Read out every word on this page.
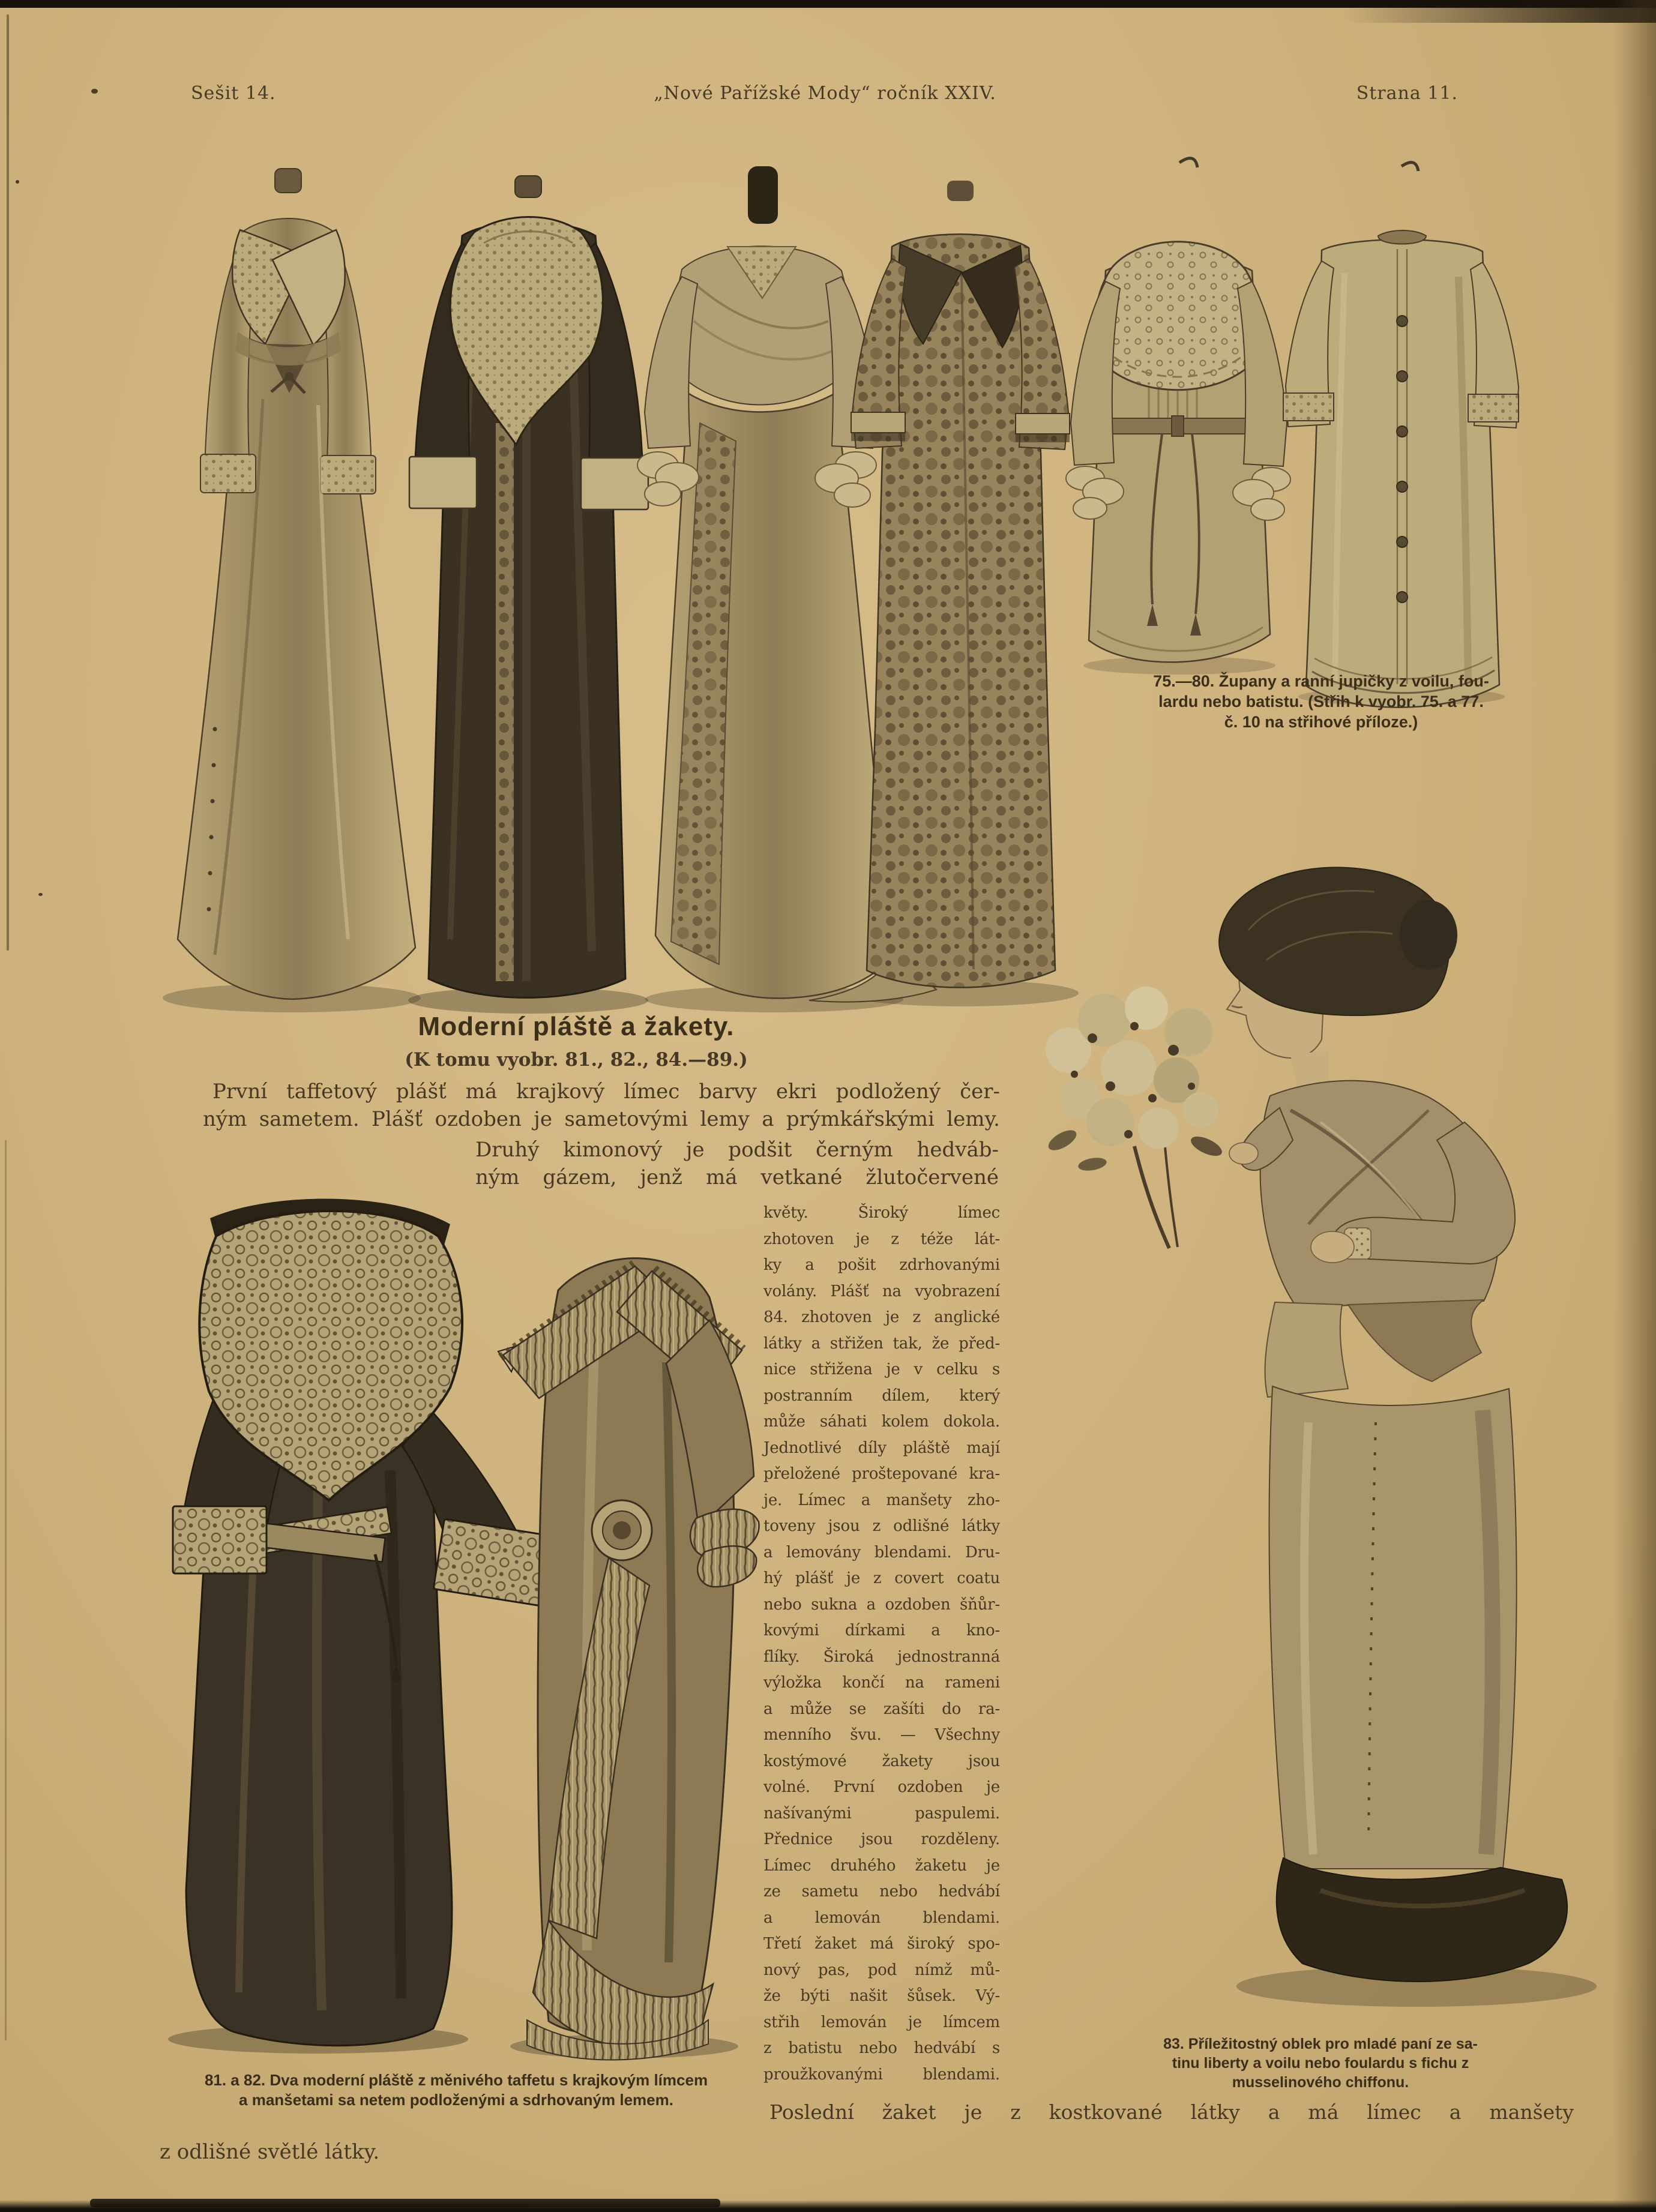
Sešit 14.	„Nové Pařížské Mody“ ročník XXIV.	Strana 11.
75.—80. Župany a ranní jupičky z voilu, fou-
lardu nebo batistu. (Střih k vyobr. 75. a 77.
č. 10 na střihové příloze.)
Moderní pláště a žakety.
(K tomu vyobr. 81., 82., 84.—89.)
První taffetový plášť má krajkový límec barvy ekri podložený čer-
ným sametem. Plášť ozdoben je sametovými lemy a prýmkářskými lemy.
Druhý kimonový je podšit černým hedváb-
ným gázem, jenž má vetkané žlutočervené
květy. Široký límec
zhotoven je z téže lát-
ky a pošit zdrhovanými
volány. Plášť na vyobrazení
84. zhotoven je z anglické
látky a střižen tak, že před-
nice střižena je v celku s
postranním dílem, který
může sáhati kolem dokola.
Jednotlivé díly pláště mají
přeložené proštepované kra-
je. Límec a manšety zho-
toveny jsou z odlišné látky
a lemovány blendami. Dru-
hý plášť je z covert coatu
nebo sukna a ozdoben šňůr-
kovými dírkami a kno-
flíky. Široká jednostranná
výložka končí na rameni
a může se zašíti do ra-
menního švu. — Všechny
kostýmové žakety jsou
volné. První ozdoben je
našívanými paspulemi.
Přednice jsou rozděleny.
Límec druhého žaketu je
ze sametu nebo hedvábí
a lemován blendami.
Třetí žaket má široký spo-
nový pas, pod nímž mů-
že býti našit šůsek. Vý-
střih lemován je límcem
z batistu nebo hedvábí s
proužkovanými blendami.
Poslední žaket je z kostkované látky a má límec a manšety
z odlišné světlé látky.
81. a 82. Dva moderní pláště z měnivého taffetu s krajkovým límcem
a manšetami sa netem podloženými a sdrhovaným lemem.
83. Příležitostný oblek pro mladé paní ze sa-
tinu liberty a voilu nebo foulardu s fichu z
musselinového chiffonu.
